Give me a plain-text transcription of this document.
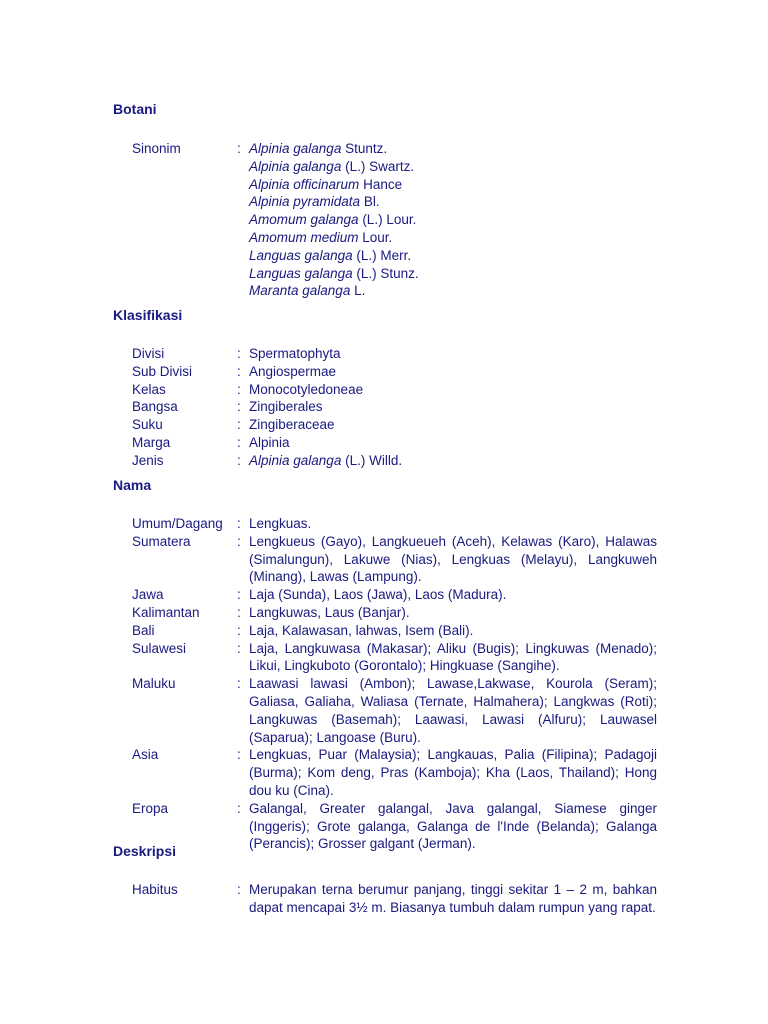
Botani

Sinonim	: Alpinia galanga Stuntz.
Alpinia galanga (L.) Swartz.
Alpinia officinarum Hance
Alpinia pyramidata Bl.
Amomum galanga (L.) Lour.
Amomum medium Lour.
Languas galanga (L.) Merr.
Languas galanga (L.) Stunz.
Maranta galanga L.

Klasifikasi

Divisi	: Spermatophyta
Sub Divisi	: Angiospermae
Kelas	: Monocotyledoneae
Bangsa	: Zingiberales
Suku	: Zingiberaceae
Marga	: Alpinia
Jenis	: Alpinia galanga (L.) Willd.

Nama

Umum/Dagang	: Lengkuas.
Sumatera	: Lengkueus (Gayo), Langkueueh (Aceh), Kelawas (Karo), Halawas (Simalungun), Lakuwe (Nias), Lengkuas (Melayu), Langkuweh (Minang), Lawas (Lampung).
Jawa	: Laja (Sunda), Laos (Jawa), Laos (Madura).
Kalimantan	: Langkuwas, Laus (Banjar).
Bali	: Laja, Kalawasan, lahwas, Isem (Bali).
Sulawesi	: Laja, Langkuwasa (Makasar); Aliku (Bugis); Lingkuwas (Menado); Likui, Lingkuboto (Gorontalo); Hingkuase (Sangihe).
Maluku	: Laawasi lawasi (Ambon); Lawase,Lakwase, Kourola (Seram); Galiasa, Galiaha, Waliasa (Ternate, Halmahera); Langkwas (Roti); Langkuwas (Basemah); Laawasi, Lawasi (Alfuru); Lauwasel (Saparua); Langoase (Buru).
Asia	: Lengkuas, Puar (Malaysia); Langkauas, Palia (Filipina); Padagoji (Burma); Kom deng, Pras (Kamboja); Kha (Laos, Thailand); Hong dou ku (Cina).
Eropa	: Galangal, Greater galangal, Java galangal, Siamese ginger (Inggeris); Grote galanga, Galanga de l'Inde (Belanda); Galanga (Perancis); Grosser galgant (Jerman).

Deskripsi

Habitus	: Merupakan terna berumur panjang, tinggi sekitar 1 – 2 m, bahkan dapat mencapai 3½ m. Biasanya tumbuh dalam rumpun yang rapat.
